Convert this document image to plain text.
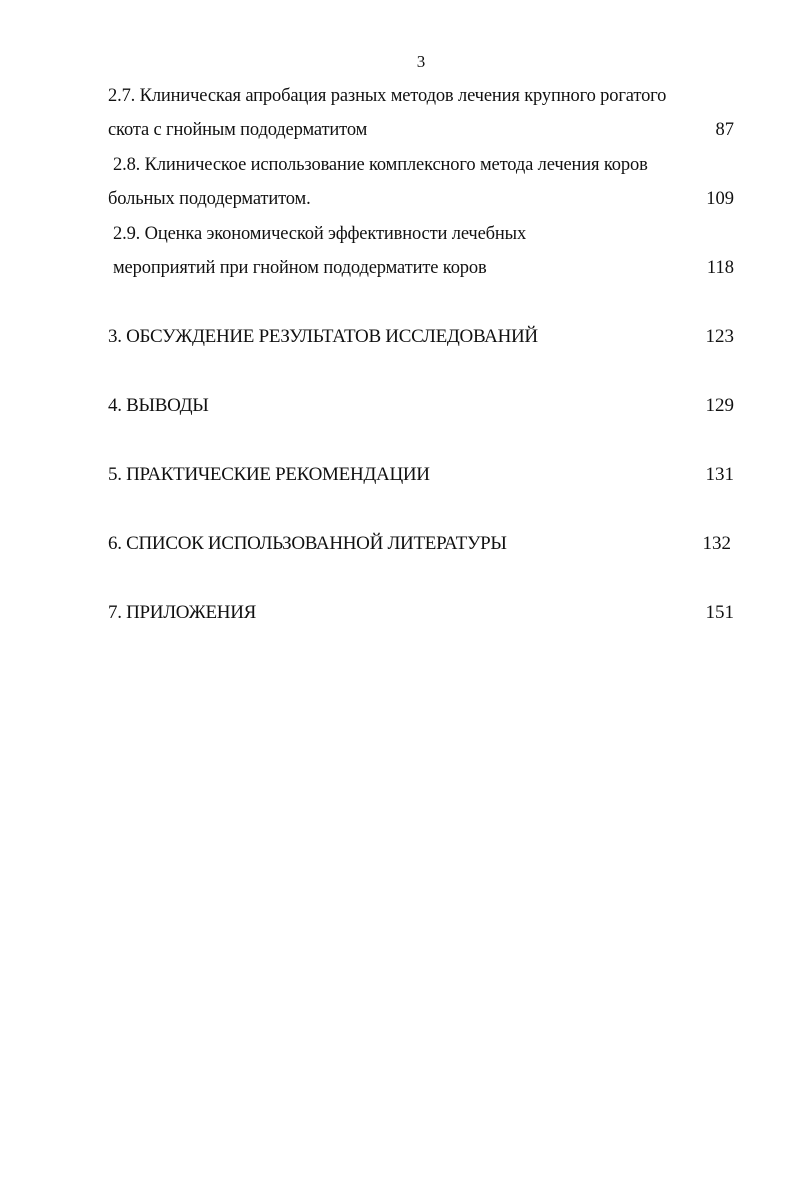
3
2.7. Клиническая апробация разных методов лечения крупного рогатого
скота с гнойным пододерматитом	87
2.8. Клиническое использование комплексного метода лечения коров
больных пододерматитом.	109
2.9. Оценка экономической эффективности лечебных
мероприятий при гнойном пододерматите коров	118
3. ОБСУЖДЕНИЕ РЕЗУЛЬТАТОВ ИССЛЕДОВАНИЙ	123
4. ВЫВОДЫ	129
5. ПРАКТИЧЕСКИЕ РЕКОМЕНДАЦИИ	131
6. СПИСОК ИСПОЛЬЗОВАННОЙ ЛИТЕРАТУРЫ	132
7. ПРИЛОЖЕНИЯ	151
